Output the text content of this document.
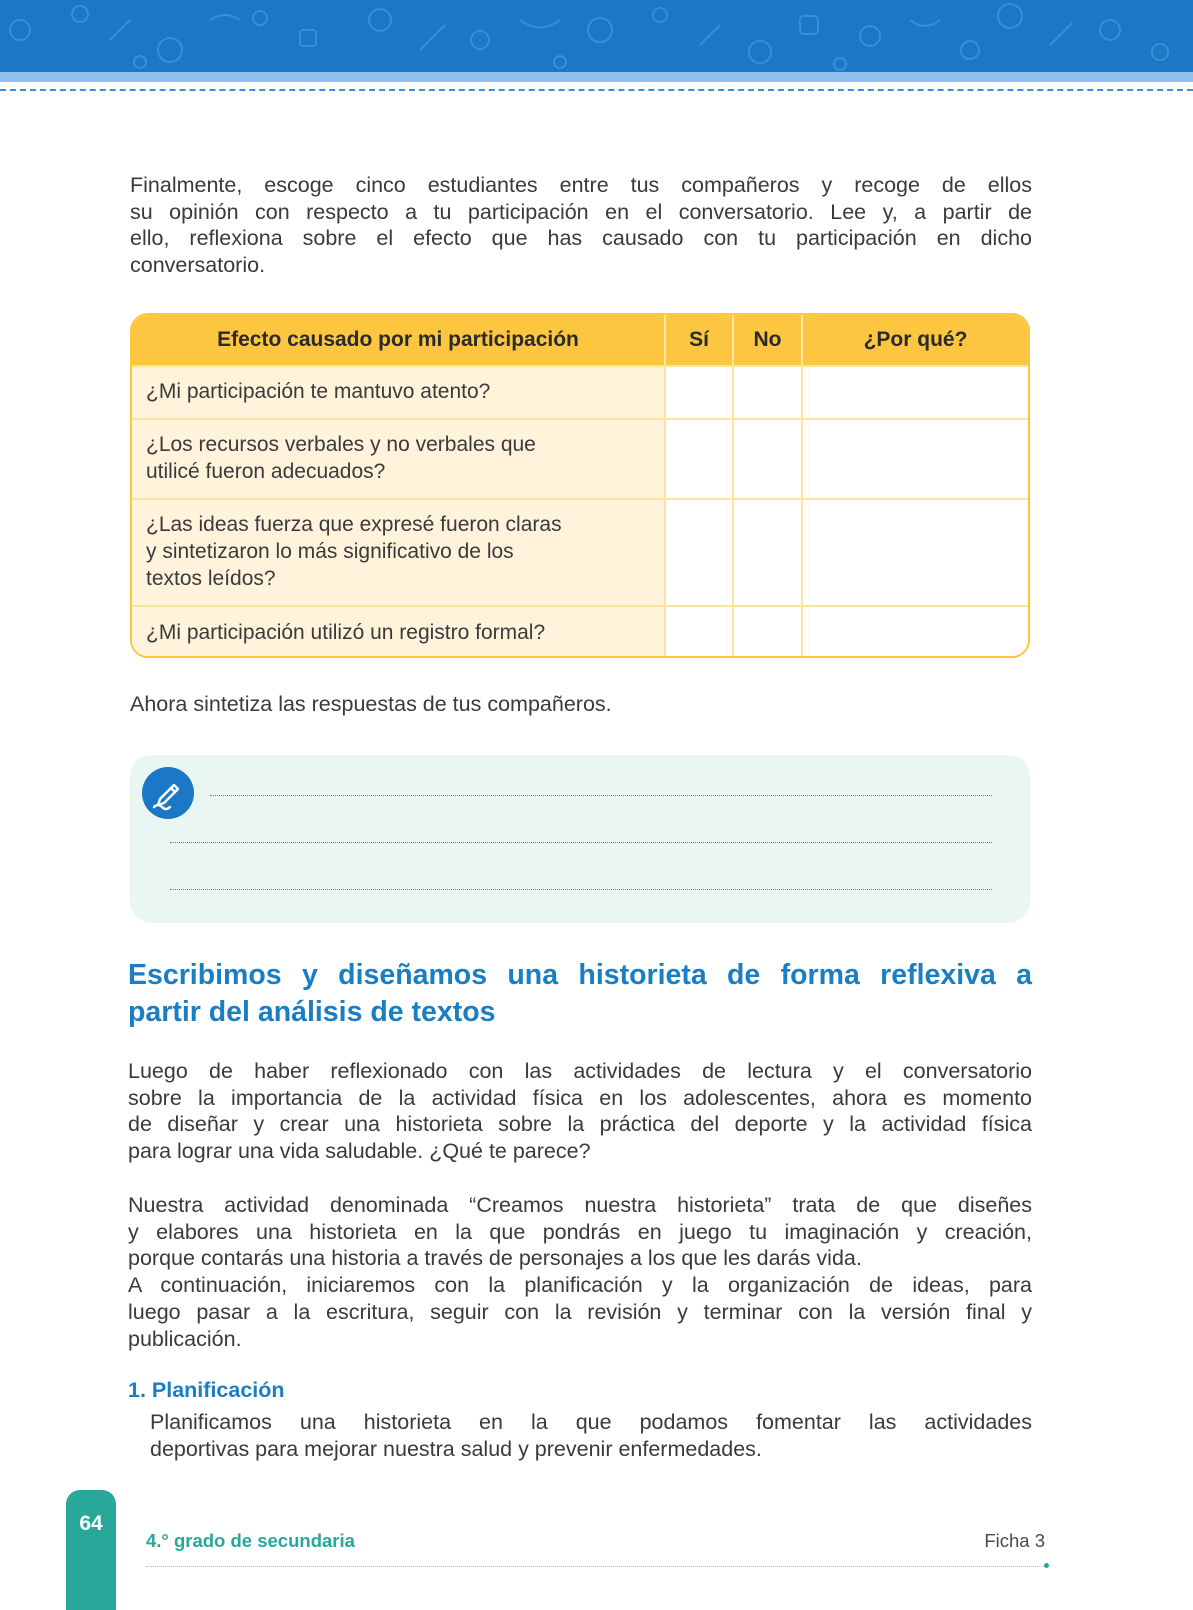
Finalmente, escoge cinco estudiantes entre tus compañeros y recoge de ellos
su opinión con respecto a tu participación en el conversatorio. Lee y, a partir de
ello, reflexiona sobre el efecto que has causado con tu participación en dicho
conversatorio.
Efecto causado por mi participación	Sí	No	¿Por qué?

¿Mi participación te mantuvo atento?			

¿Los recursos verbales y no verbales que
utilicé fueron adecuados?			

¿Las ideas fuerza que expresé fueron claras
y sintetizaron lo más significativo de los
textos leídos?			

¿Mi participación utilizó un registro formal?			

Ahora sintetiza las respuestas de tus compañeros.
Escribimos y diseñamos una historieta de forma reflexiva a
partir del análisis de textos
Luego de haber reflexionado con las actividades de lectura y el conversatorio
sobre la importancia de la actividad física en los adolescentes, ahora es momento
de diseñar y crear una historieta sobre la práctica del deporte y la actividad física
para lograr una vida saludable. ¿Qué te parece?
Nuestra actividad denominada “Creamos nuestra historieta” trata de que diseñes
y elabores una historieta en la que pondrás en juego tu imaginación y creación,
porque contarás una historia a través de personajes a los que les darás vida.
A continuación, iniciaremos con la planificación y la organización de ideas, para
luego pasar a la escritura, seguir con la revisión y terminar con la versión final y
publicación.
1. Planificación
Planificamos una historieta en la que podamos fomentar las actividades
deportivas para mejorar nuestra salud y prevenir enfermedades.
64
4.° grado de secundaria	Ficha 3
